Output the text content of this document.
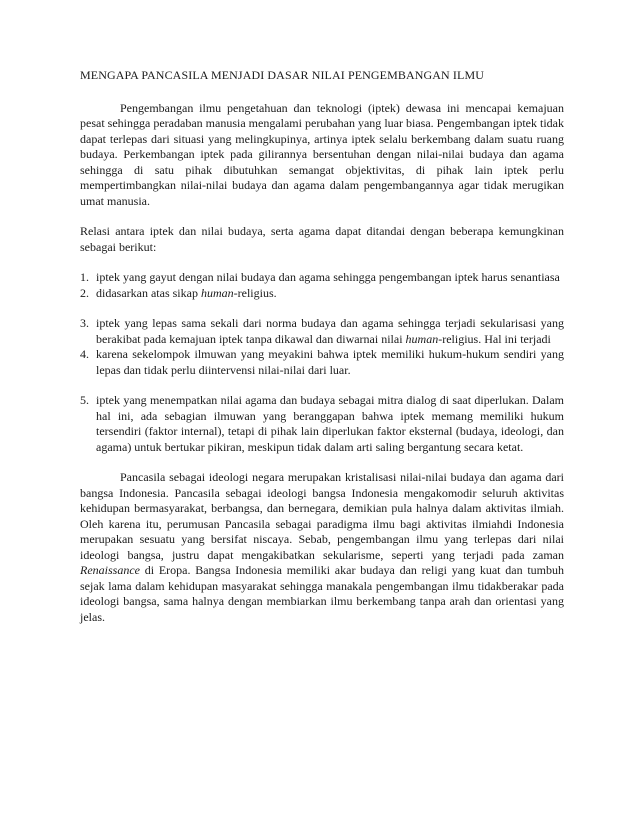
MENGAPA PANCASILA MENJADI DASAR NILAI PENGEMBANGAN ILMU

Pengembangan ilmu pengetahuan dan teknologi (iptek) dewasa ini mencapai kemajuan pesat sehingga peradaban manusia mengalami perubahan yang luar biasa. Pengembangan iptek tidak dapat terlepas dari situasi yang melingkupinya, artinya iptek selalu berkembang dalam suatu ruang budaya. Perkembangan iptek pada gilirannya bersentuhan dengan nilai-nilai budaya dan agama sehingga di satu pihak dibutuhkan semangat objektivitas, di pihak lain iptek perlu mempertimbangkan nilai-nilai budaya dan agama dalam pengembangannya agar tidak merugikan umat manusia.

Relasi antara iptek dan nilai budaya, serta agama dapat ditandai dengan beberapa kemungkinan sebagai berikut:

1. iptek yang gayut dengan nilai budaya dan agama sehingga pengembangan iptek harus senantiasa
2. didasarkan atas sikap human-religius.
3. iptek yang lepas sama sekali dari norma budaya dan agama sehingga terjadi sekularisasi yang berakibat pada kemajuan iptek tanpa dikawal dan diwarnai nilai human-religius. Hal ini terjadi
4. karena sekelompok ilmuwan yang meyakini bahwa iptek memiliki hukum-hukum sendiri yang lepas dan tidak perlu diintervensi nilai-nilai dari luar.
5. iptek yang menempatkan nilai agama dan budaya sebagai mitra dialog di saat diperlukan. Dalam hal ini, ada sebagian ilmuwan yang beranggapan bahwa iptek memang memiliki hukum tersendiri (faktor internal), tetapi di pihak lain diperlukan faktor eksternal (budaya, ideologi, dan agama) untuk bertukar pikiran, meskipun tidak dalam arti saling bergantung secara ketat.

Pancasila sebagai ideologi negara merupakan kristalisasi nilai-nilai budaya dan agama dari bangsa Indonesia. Pancasila sebagai ideologi bangsa Indonesia mengakomodir seluruh aktivitas kehidupan bermasyarakat, berbangsa, dan bernegara, demikian pula halnya dalam aktivitas ilmiah. Oleh karena itu, perumusan Pancasila sebagai paradigma ilmu bagi aktivitas ilmiahdi Indonesia merupakan sesuatu yang bersifat niscaya. Sebab, pengembangan ilmu yang terlepas dari nilai ideologi bangsa, justru dapat mengakibatkan sekularisme, seperti yang terjadi pada zaman Renaissance di Eropa. Bangsa Indonesia memiliki akar budaya dan religi yang kuat dan tumbuh sejak lama dalam kehidupan masyarakat sehingga manakala pengembangan ilmu tidakberakar pada ideologi bangsa, sama halnya dengan membiarkan ilmu berkembang tanpa arah dan orientasi yang jelas.
